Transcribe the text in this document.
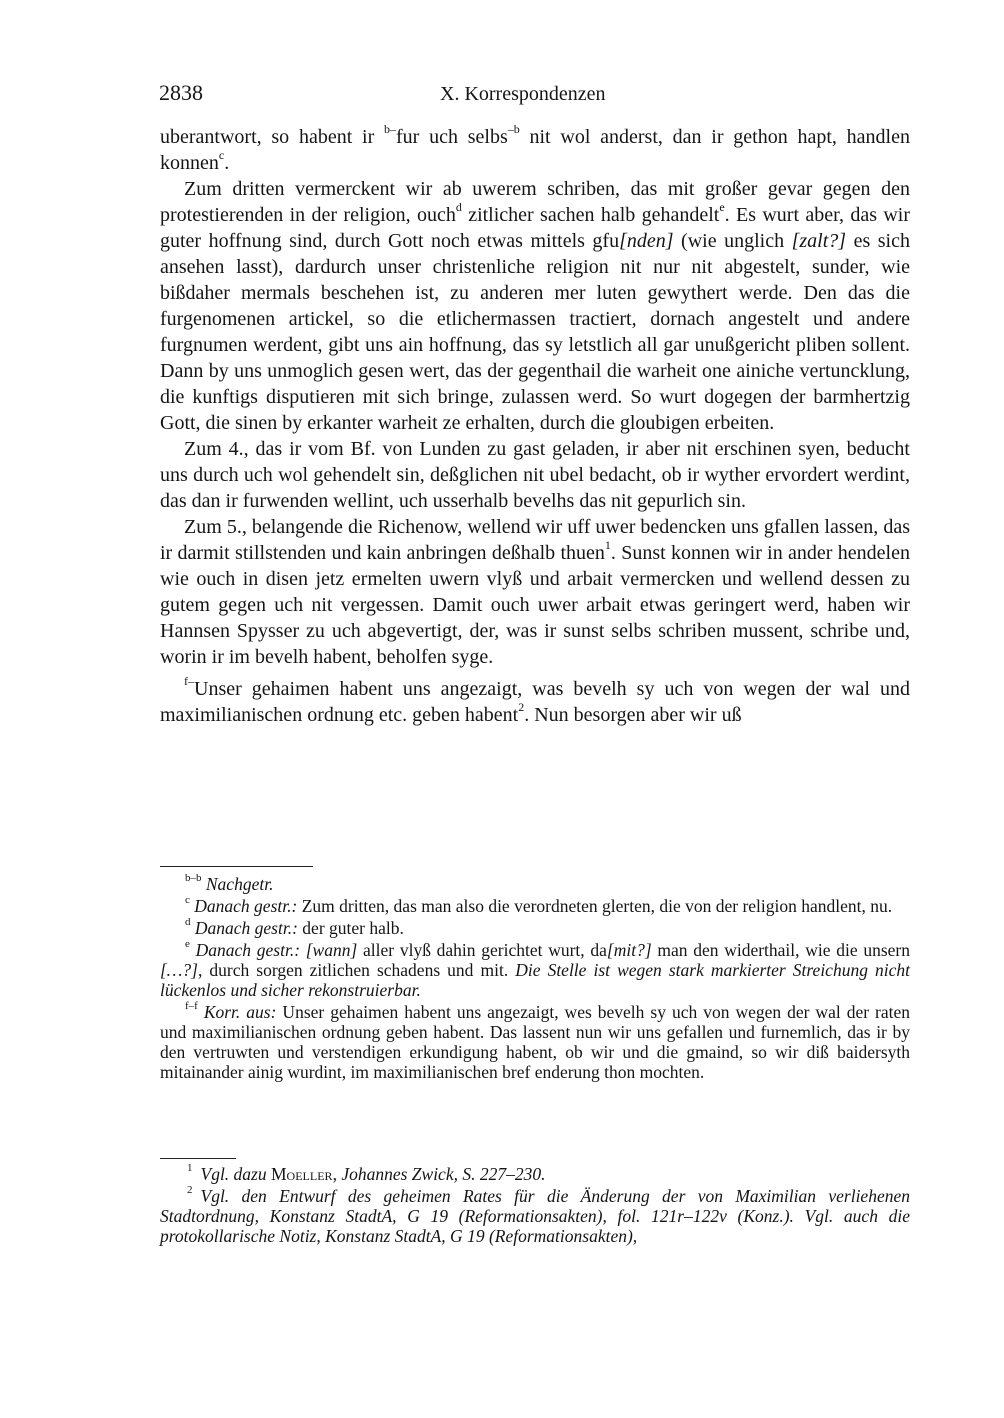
2838	X. Korrespondenzen

uberantwort, so habent ir $^{b-}$fur uch selbs$^{-b}$ nit wol anderst, dan ir gethon hapt, handlen konnen$^c$.

Zum dritten vermerckent wir ab uwerem schriben, das mit großer gevar gegen den protestierenden in der religion, ouch$^d$ zitlicher sachen halb gehandelt$^e$. Es wurt aber, das wir guter hoffnung sind, durch Gott noch etwas mittels gfu[nden] (wie unglich [zalt?] es sich ansehen lasst), dardurch unser christenliche religion nit nur nit abgestelt, sunder, wie bißdaher mermals beschehen ist, zu anderen mer luten gewythert werde. Den das die furgenomenen artickel, so die etlichermassen tractiert, dornach angestelt und andere furgnumen werdent, gibt uns ain hoffnung, das sy letstlich all gar unußgericht pliben sollent. Dann by uns unmoglich gesen wert, das der gegenthail die warheit one ainiche vertuncklung, die kunftigs disputieren mit sich bringe, zulassen werd. So wurt dogegen der barmhertzig Gott, die sinen by erkanter warheit ze erhalten, durch die gloubigen erbeiten.

Zum 4., das ir vom Bf. von Lunden zu gast geladen, ir aber nit erschinen syen, beducht uns durch uch wol gehendelt sin, deßglichen nit ubel bedacht, ob ir wyther ervordert werdint, das dan ir furwenden wellint, uch usserhalb bevelhs das nit gepurlich sin.

Zum 5., belangende die Richenow, wellend wir uff uwer bedencken uns gfallen lassen, das ir darmit stillstenden und kain anbringen deßhalb thuen$^1$. Sunst konnen wir in ander hendelen wie ouch in disen jetz ermelten uwern vlyß und arbait vermercken und wellend dessen zu gutem gegen uch nit vergessen. Damit ouch uwer arbait etwas geringert werd, haben wir Hannsen Spysser zu uch abgevertigt, der, was ir sunst selbs schriben mussent, schribe und, worin ir im bevelh habent, beholfen syge.

$^{f-}$Unser gehaimen habent uns angezaigt, was bevelh sy uch von wegen der wal und maximilianischen ordnung etc. geben habent$^2$. Nun besorgen aber wir uß

$^{b-b}$ Nachgetr.

$^c$ Danach gestr.: Zum dritten, das man also die verordneten glerten, die von der religion handlent, nu.

$^d$ Danach gestr.: der guter halb.

$^e$ Danach gestr.: [wann] aller vlyß dahin gerichtet wurt, da[mit?] man den widerthail, wie die unsern […?], durch sorgen zitlichen schadens und mit. Die Stelle ist wegen stark markierter Streichung nicht lückenlos und sicher rekonstruierbar.

$^{f-f}$ Korr. aus: Unser gehaimen habent uns angezaigt, wes bevelh sy uch von wegen der wal der raten und maximilianischen ordnung geben habent. Das lassent nun wir uns gefallen und furnemlich, das ir by den vertruwten und verstendigen erkundigung habent, ob wir und die gmaind, so wir diß baidersyth mitainander ainig wurdint, im maximilianischen bref enderung thon mochten.

$^1$ Vgl. dazu Moeller, Johannes Zwick, S. 227–230.

$^2$ Vgl. den Entwurf des geheimen Rates für die Änderung der von Maximilian verliehenen Stadtordnung, Konstanz StadtA, G 19 (Reformationsakten), fol. 121r–122v (Konz.). Vgl. auch die protokollarische Notiz, Konstanz StadtA, G 19 (Reformationsakten),
